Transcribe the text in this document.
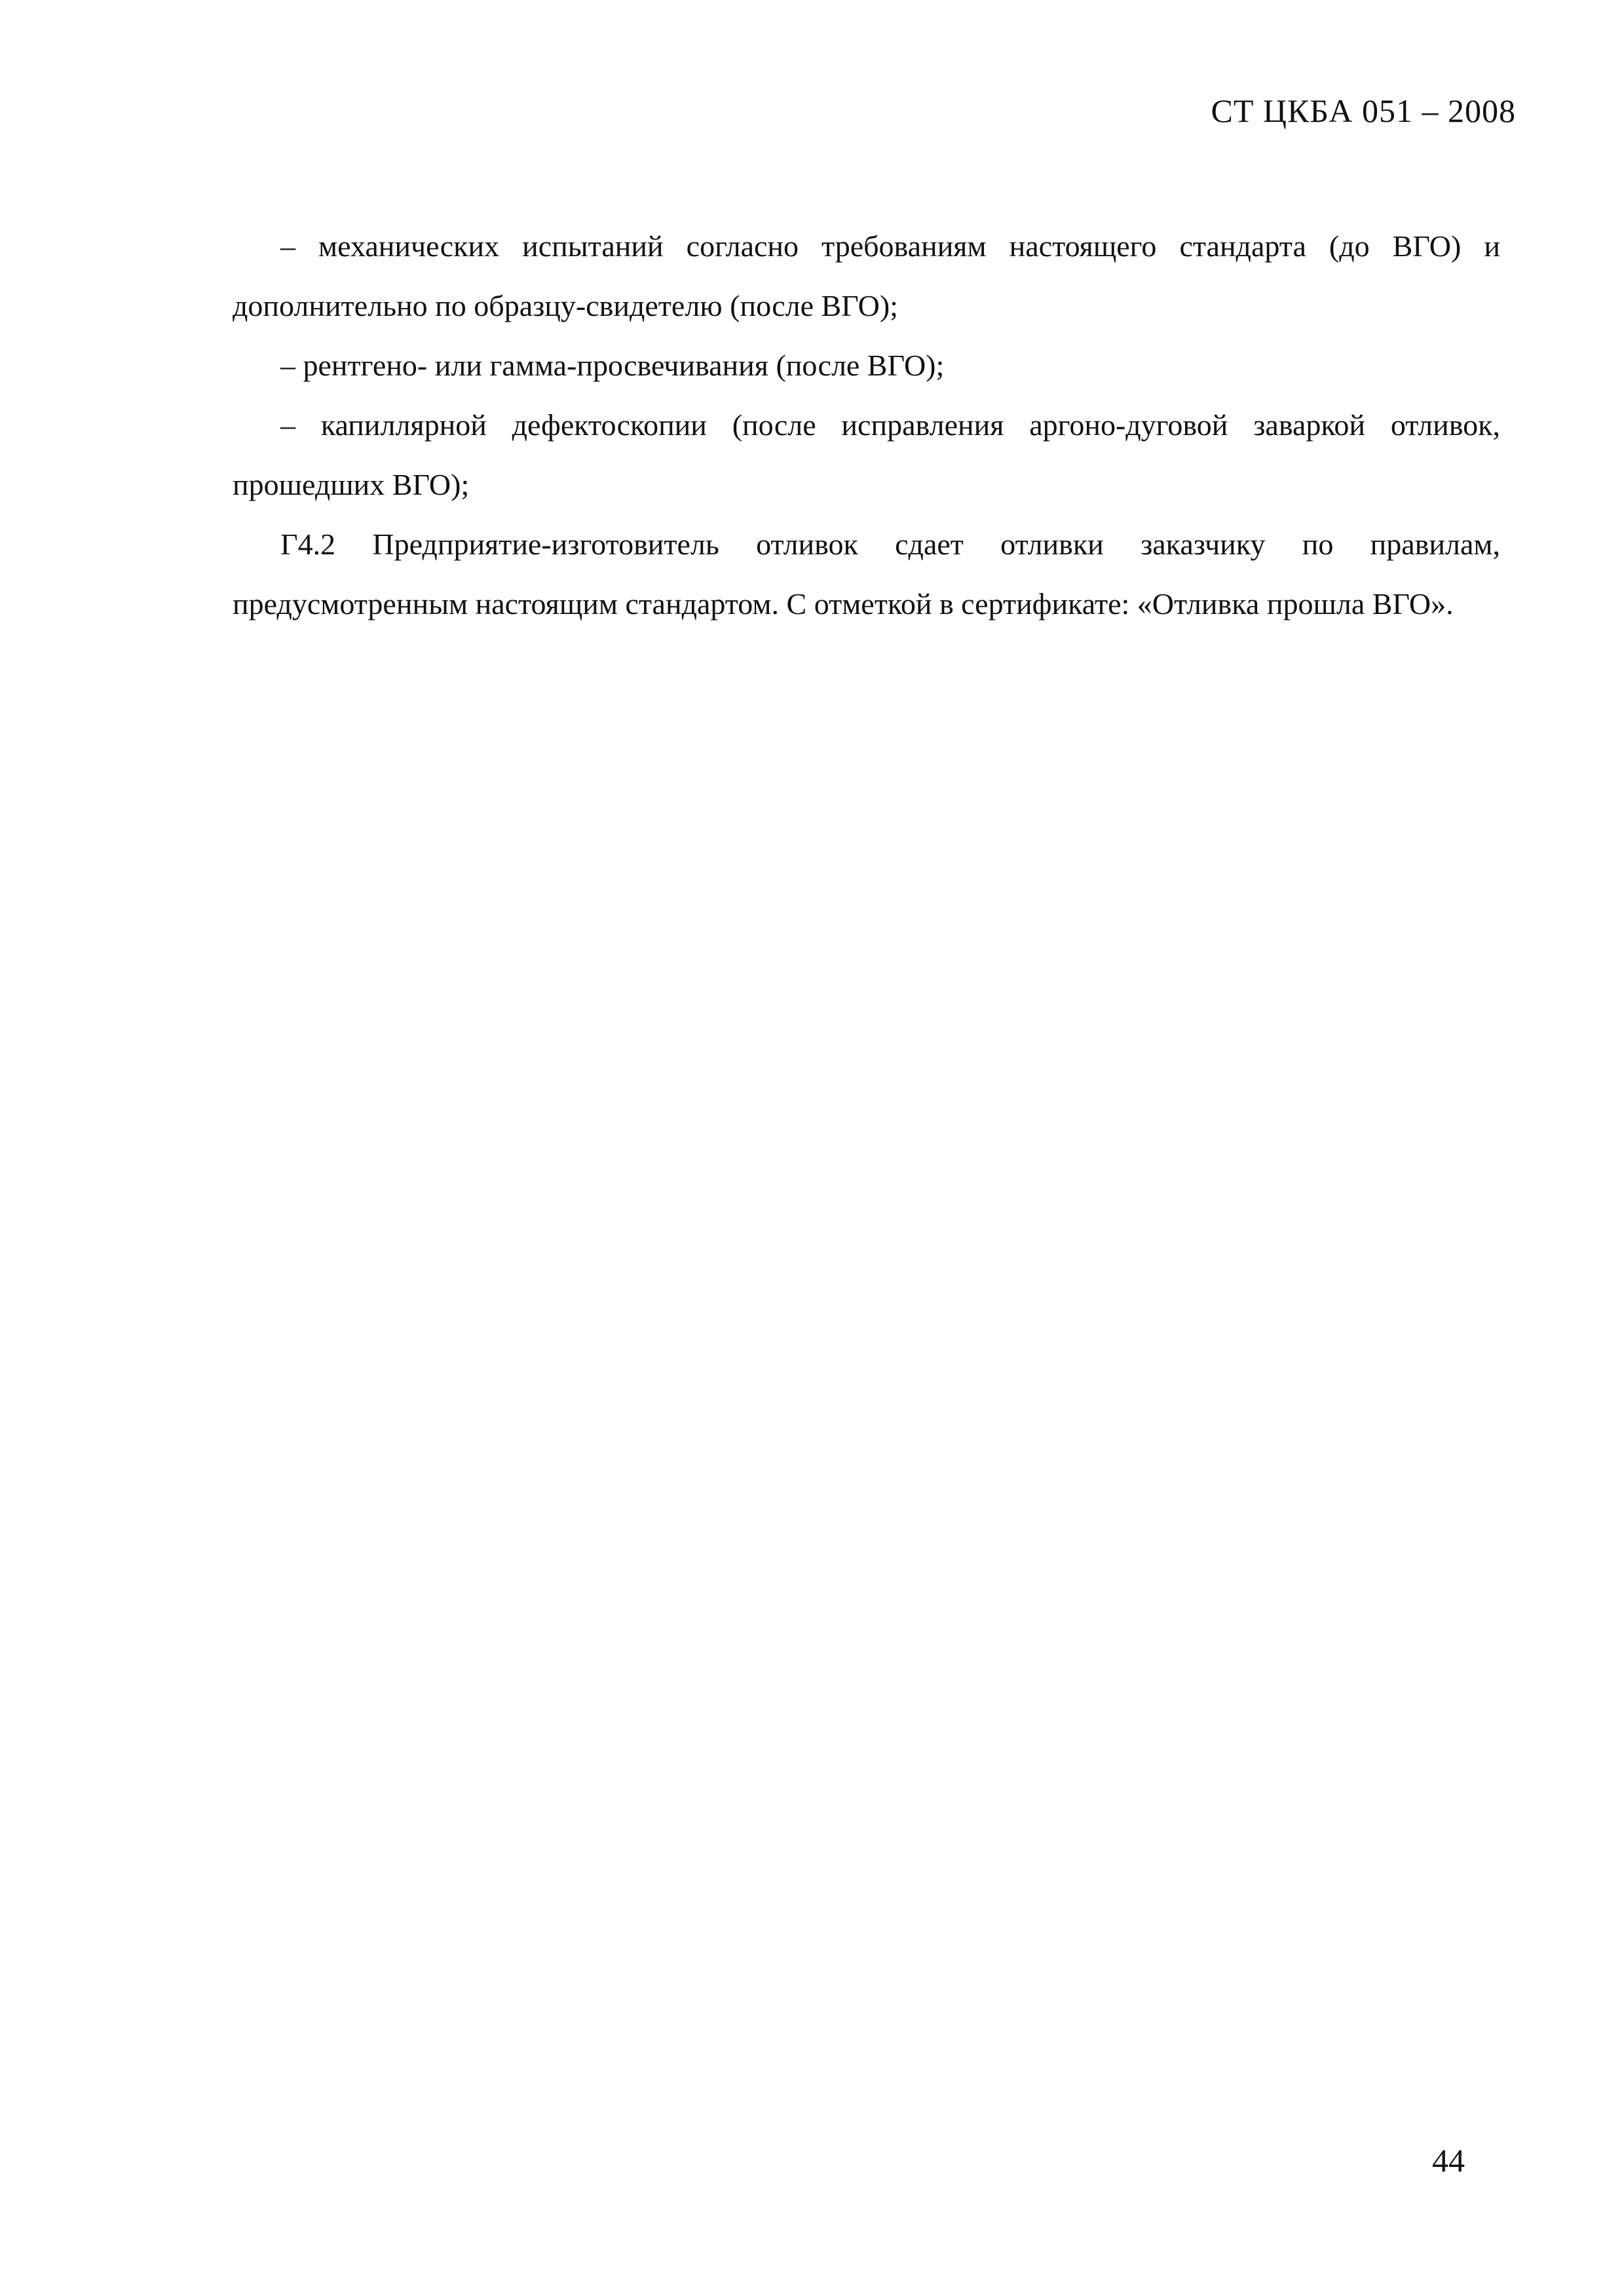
СТ ЦКБА 051 – 2008

– механических испытаний согласно требованиям настоящего стандарта (до ВГО) и дополнительно по образцу-свидетелю (после ВГО);

– рентгено- или гамма-просвечивания (после ВГО);

– капиллярной дефектоскопии (после исправления аргоно-дуговой заваркой отливок, прошедших ВГО);

Г4.2 Предприятие-изготовитель отливок сдает отливки заказчику по правилам, предусмотренным настоящим стандартом. С отметкой в сертификате: «Отливка прошла ВГО».

44
